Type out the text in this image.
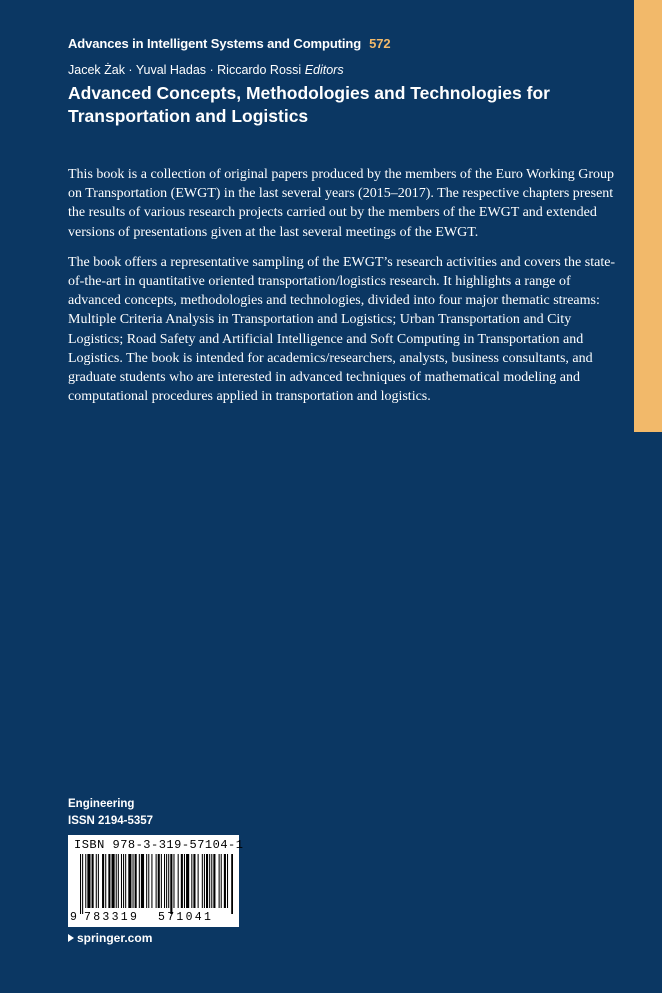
Advances in Intelligent Systems and Computing 572
Jacek Żak · Yuval Hadas · Riccardo Rossi Editors
Advanced Concepts, Methodologies and Technologies for Transportation and Logistics

This book is a collection of original papers produced by the members of the Euro Working Group on Transportation (EWGT) in the last several years (2015–2017). The respective chapters present the results of various research projects carried out by the members of the EWGT and extended versions of presentations given at the last several meetings of the EWGT.

The book offers a representative sampling of the EWGT’s research activities and covers the state-of-the-art in quantitative oriented transportation/logistics research. It highlights a range of advanced concepts, methodologies and technologies, divided into four major thematic streams: Multiple Criteria Analysis in Transportation and Logistics; Urban Transportation and City Logistics; Road Safety and Artificial Intelligence and Soft Computing in Transportation and Logistics. The book is intended for academics/researchers, analysts, business consultants, and graduate students who are interested in advanced techniques of mathematical modeling and computational procedures applied in transportation and logistics.

Engineering
ISSN 2194-5357
ISBN 978-3-319-57104-1
9 783319 571041
springer.com
